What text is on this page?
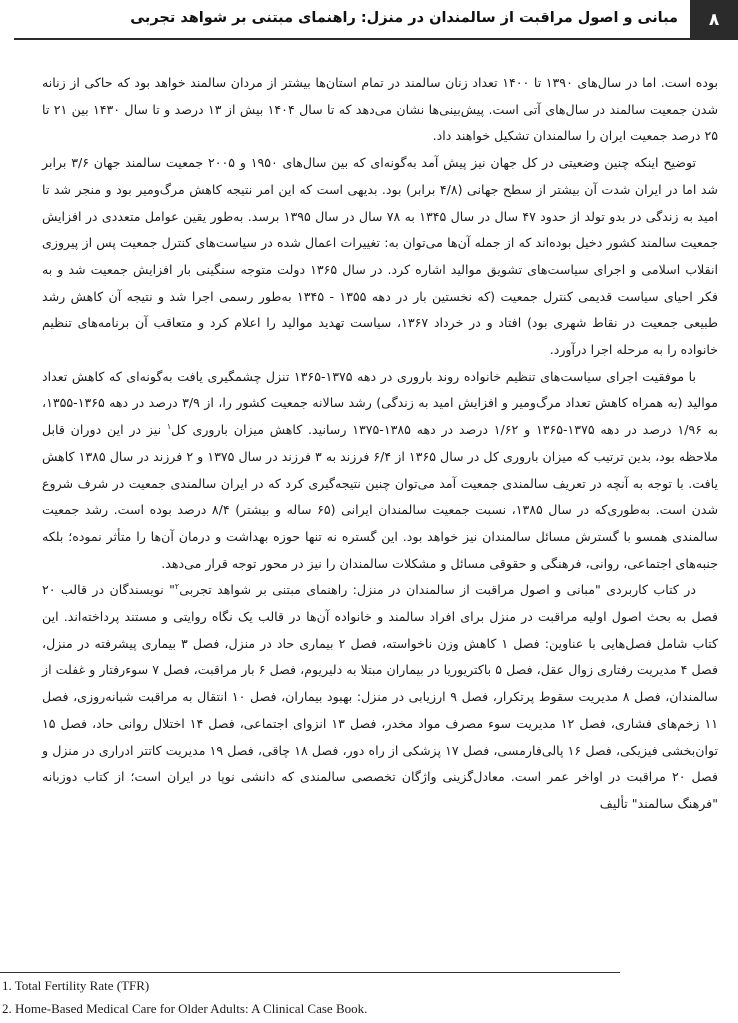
۸
مبانی و اصول مراقبت از سالمندان در منزل: راهنمای مبتنی بر شواهد تجربی

بوده است. اما در سال‌های ۱۳۹۰ تا ۱۴۰۰ تعداد زنان سالمند در تمام استان‌ها بیشتر از مردان سالمند خواهد بود که حاکی از زنانه شدن جمعیت سالمند در سال‌های آتی است. پیش‌بینی‌ها نشان می‌دهد که تا سال ۱۴۰۴ بیش از ۱۳ درصد و تا سال ۱۴۳۰ بین ۲۱ تا ۲۵ درصد جمعیت ایران را سالمندان تشکیل خواهند داد.

توضیح اینکه چنین وضعیتی در کل جهان نیز پیش آمد به‌گونه‌ای که بین سال‌های ۱۹۵۰ و ۲۰۰۵ جمعیت سالمند جهان ۳/۶ برابر شد اما در ایران شدت آن بیشتر از سطح جهانی (۴/۸ برابر) بود. بدیهی است که این امر نتیجه کاهش مرگ‌ومیر بود و منجر شد تا امید به زندگی در بدو تولد از حدود ۴۷ سال در سال ۱۳۴۵ به ۷۸ سال در سال ۱۳۹۵ برسد. به‌طور یقین عوامل متعددی در افزایش جمعیت سالمند کشور دخیل بوده‌اند که از جمله آن‌ها می‌توان به: تغییرات اعمال شده در سیاست‌های کنترل جمعیت پس از پیروزی انقلاب اسلامی و اجرای سیاست‌های تشویق موالید اشاره کرد. در سال ۱۳۶۵ دولت متوجه سنگینی بار افزایش جمعیت شد و به فکر احیای سیاست قدیمی کنترل جمعیت (که نخستین بار در دهه ۱۳۵۵ - ۱۳۴۵ به‌طور رسمی اجرا شد و نتیجه آن کاهش رشد طبیعی جمعیت در نقاط شهری بود) افتاد و در خرداد ۱۳۶۷، سیاست تهدید موالید را اعلام کرد و متعاقب آن برنامه‌های تنظیم خانواده را به مرحله اجرا درآورد.

با موفقیت اجرای سیاست‌های تنظیم خانواده روند باروری در دهه ۱۳۷۵-۱۳۶۵ تنزل چشمگیری یافت به‌گونه‌ای که کاهش تعداد موالید (به همراه کاهش تعداد مرگ‌ومیر و افزایش امید به زندگی) رشد سالانه جمعیت کشور را، از ۳/۹ درصد در دهه ۱۳۶۵-۱۳۵۵، به ۱/۹۶ درصد در دهه ۱۳۷۵-۱۳۶۵ و ۱/۶۲ درصد در دهه ۱۳۸۵-۱۳۷۵ رسانید. کاهش میزان باروری کل$^۱$ نیز در این دوران قابل ملاحظه بود، بدین ترتیب که میزان باروری کل در سال ۱۳۶۵ از ۶/۴ فرزند به ۳ فرزند در سال ۱۳۷۵ و ۲ فرزند در سال ۱۳۸۵ کاهش یافت. با توجه به آنچه در تعریف سالمندی جمعیت آمد می‌توان چنین نتیجه‌گیری کرد که در ایران سالمندی جمعیت در شرف شروع شدن است. به‌طوری‌که در سال ۱۳۸۵، نسبت جمعیت سالمندان ایرانی (۶۵ ساله و بیشتر) ۸/۴ درصد بوده است. رشد جمعیت سالمندی همسو با گسترش مسائل سالمندان نیز خواهد بود. این گستره نه تنها حوزه بهداشت و درمان آن‌ها را متأثر نموده؛ بلکه جنبه‌های اجتماعی، روانی، فرهنگی و حقوقی مسائل و مشکلات سالمندان را نیز در محور توجه قرار می‌دهد.

در کتاب کاربردی "مبانی و اصول مراقبت از سالمندان در منزل: راهنمای مبتنی بر شواهد تجربی$^۲$" نویسندگان در قالب ۲۰ فصل به بحث اصول اولیه مراقبت در منزل برای افراد سالمند و خانواده آن‌ها در قالب یک نگاه روایتی و مستند پرداخته‌اند. این کتاب شامل فصل‌هایی با عناوین: فصل ۱ کاهش وزن ناخواسته، فصل ۲ بیماری حاد در منزل، فصل ۳ بیماری پیشرفته در منزل، فصل ۴ مدیریت رفتاری زوال عقل، فصل ۵ باکتریوریا در بیماران مبتلا به دلیریوم، فصل ۶ بار مراقبت، فصل ۷ سوءرفتار و غفلت از سالمندان، فصل ۸ مدیریت سقوط پرتکرار، فصل ۹ ارزیابی در منزل: بهبود بیماران، فصل ۱۰ انتقال به مراقبت شبانه‌روزی، فصل ۱۱ زخم‌های فشاری، فصل ۱۲ مدیریت سوء مصرف مواد مخدر، فصل ۱۳ انزوای اجتماعی، فصل ۱۴ اختلال روانی حاد، فصل ۱۵ توان‌بخشی فیزیکی، فصل ۱۶ پالی‌فارمسی، فصل ۱۷ پزشکی از راه دور، فصل ۱۸ چاقی، فصل ۱۹ مدیریت کاتتر ادراری در منزل و فصل ۲۰ مراقبت در اواخر عمر است. معادل‌گزینی واژگان تخصصی سالمندی که دانشی نوپا در ایران است؛ از کتاب دوزبانه "فرهنگ سالمند" تألیف

1. Total Fertility Rate (TFR)
2. Home-Based Medical Care for Older Adults: A Clinical Case Book.
